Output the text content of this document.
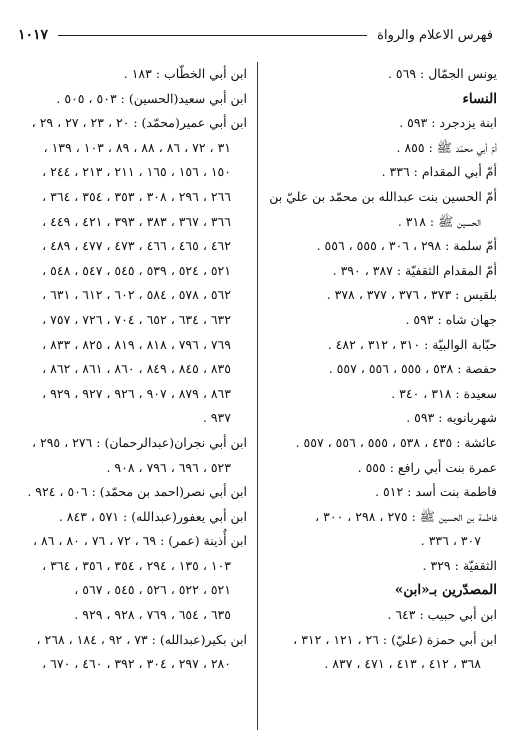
فهرس الاعلام والرواة
١٠١٧
يونس الجمّال : ٥٦٩ .
النساء
ابنة يزدجرد : ٥٩٣ .
أمّ أبي محمّد ﷺ : ٨٥٥ .
أمّ أبي المقدام : ٣٣٦ .
أمّ الحسين بنت عبدالله بن محمّد بن عليّ بن
الحسين ﷺ : ٣١٨ .
أمّ سلمة : ٢٩٨ ، ٣٠٦ ، ٥٥٥ ، ٥٥٦ .
أمّ المقدام الثقفيّة : ٣٨٧ ، ٣٩٠ .
بلقيس : ٣٧٣ ، ٣٧٦ ، ٣٧٧ ، ٣٧٨ .
جهان شاه : ٥٩٣ .
حبّابة الوالبيّة : ٣١٠ ، ٣١٢ ، ٤٨٢ .
حفصة : ٥٣٨ ، ٥٥٥ ، ٥٥٦ ، ٥٥٧ .
سعيدة : ٣١٨ ، ٣٤٠ .
شهربانويه : ٥٩٣ .
عائشة : ٤٣٥ ، ٥٣٨ ، ٥٥٥ ، ٥٥٦ ، ٥٥٧ .
عمرة بنت أبي رافع : ٥٥٥ .
فاطمة بنت أسد : ٥١٢ .
فاطمة بن الحسين ﷺ : ٢٧٥ ، ٢٩٨ ، ٣٠٠ ،
٣٠٧ ، ٣٣٦ .
الثقفيّة : ٣٢٩ .
المصدّرين بـ«ابن»
ابن أبي حبيب : ٦٤٣ .
ابن أبي حمزة (عليّ) : ٢٦ ، ١٢١ ، ٣١٢ ،
٣٦٨ ، ٤١٢ ، ٤١٣ ، ٤٧١ ، ٨٣٧ .
ابن أبي الخطّاب : ١٨٣ .
ابن أبي سعيد(الحسين) : ٥٠٣ ، ٥٠٥ .
ابن أبي عمير(محمّد) : ٢٠ ، ٢٣ ، ٢٧ ، ٢٩ ،
٣١ ، ٧٢ ، ٨٦ ، ٨٨ ، ٨٩ ، ١٠٣ ، ١٣٩ ،
١٥٠ ، ١٥٦ ، ١٦٥ ، ٢١١ ، ٢١٣ ، ٢٤٤ ،
٢٦٦ ، ٢٩٦ ، ٣٠٨ ، ٣٥٣ ، ٣٥٤ ، ٣٦٤ ،
٣٦٦ ، ٣٦٧ ، ٣٨٣ ، ٣٩٣ ، ٤٢١ ، ٤٤٩ ،
٤٦٢ ، ٤٦٥ ، ٤٦٦ ، ٤٧٣ ، ٤٧٧ ، ٤٨٩ ،
٥٢١ ، ٥٢٤ ، ٥٣٩ ، ٥٤٥ ، ٥٤٧ ، ٥٤٨ ،
٥٦٢ ، ٥٧٨ ، ٥٨٤ ، ٦٠٢ ، ٦١٢ ، ٦٣١ ،
٦٣٢ ، ٦٣٤ ، ٦٥٢ ، ٧٠٤ ، ٧٢٦ ، ٧٥٧ ،
٧٦٩ ، ٧٩٦ ، ٨١٨ ، ٨١٩ ، ٨٢٥ ، ٨٣٣ ،
٨٣٥ ، ٨٤٥ ، ٨٤٩ ، ٨٦٠ ، ٨٦١ ، ٨٦٢ ،
٨٦٣ ، ٨٧٩ ، ٩٠٧ ، ٩٢٦ ، ٩٢٧ ، ٩٢٩ ،
٩٣٧ .
ابن أبي نجران(عبدالرحمان) : ٢٧٦ ، ٢٩٥ ،
٥٢٣ ، ٦٩٦ ، ٧٩٦ ، ٩٠٨ .
ابن أبي نصر(احمد بن محمّد) : ٥٠٦ ، ٩٢٤ .
ابن أبي يعفور(عبدالله) : ٥٧١ ، ٨٤٣ .
ابن أُذينة (عمر) : ٦٩ ، ٧٢ ، ٧٦ ، ٨٠ ، ٨٦ ،
١٠٣ ، ١٣٥ ، ٢٩٤ ، ٣٥٤ ، ٣٥٦ ، ٣٦٤ ،
٥٢١ ، ٥٢٢ ، ٥٢٦ ، ٥٤٥ ، ٥٦٧ ،
٦٣٥ ، ٦٥٤ ، ٧٦٩ ، ٩٢٨ ، ٩٢٩ .
ابن بكير(عبدالله) : ٧٣ ، ٩٢ ، ١٨٤ ، ٢٦٨ ،
٢٨٠ ، ٢٩٧ ، ٣٠٤ ، ٣٩٢ ، ٤٦٠ ، ٦٧٠ ،
